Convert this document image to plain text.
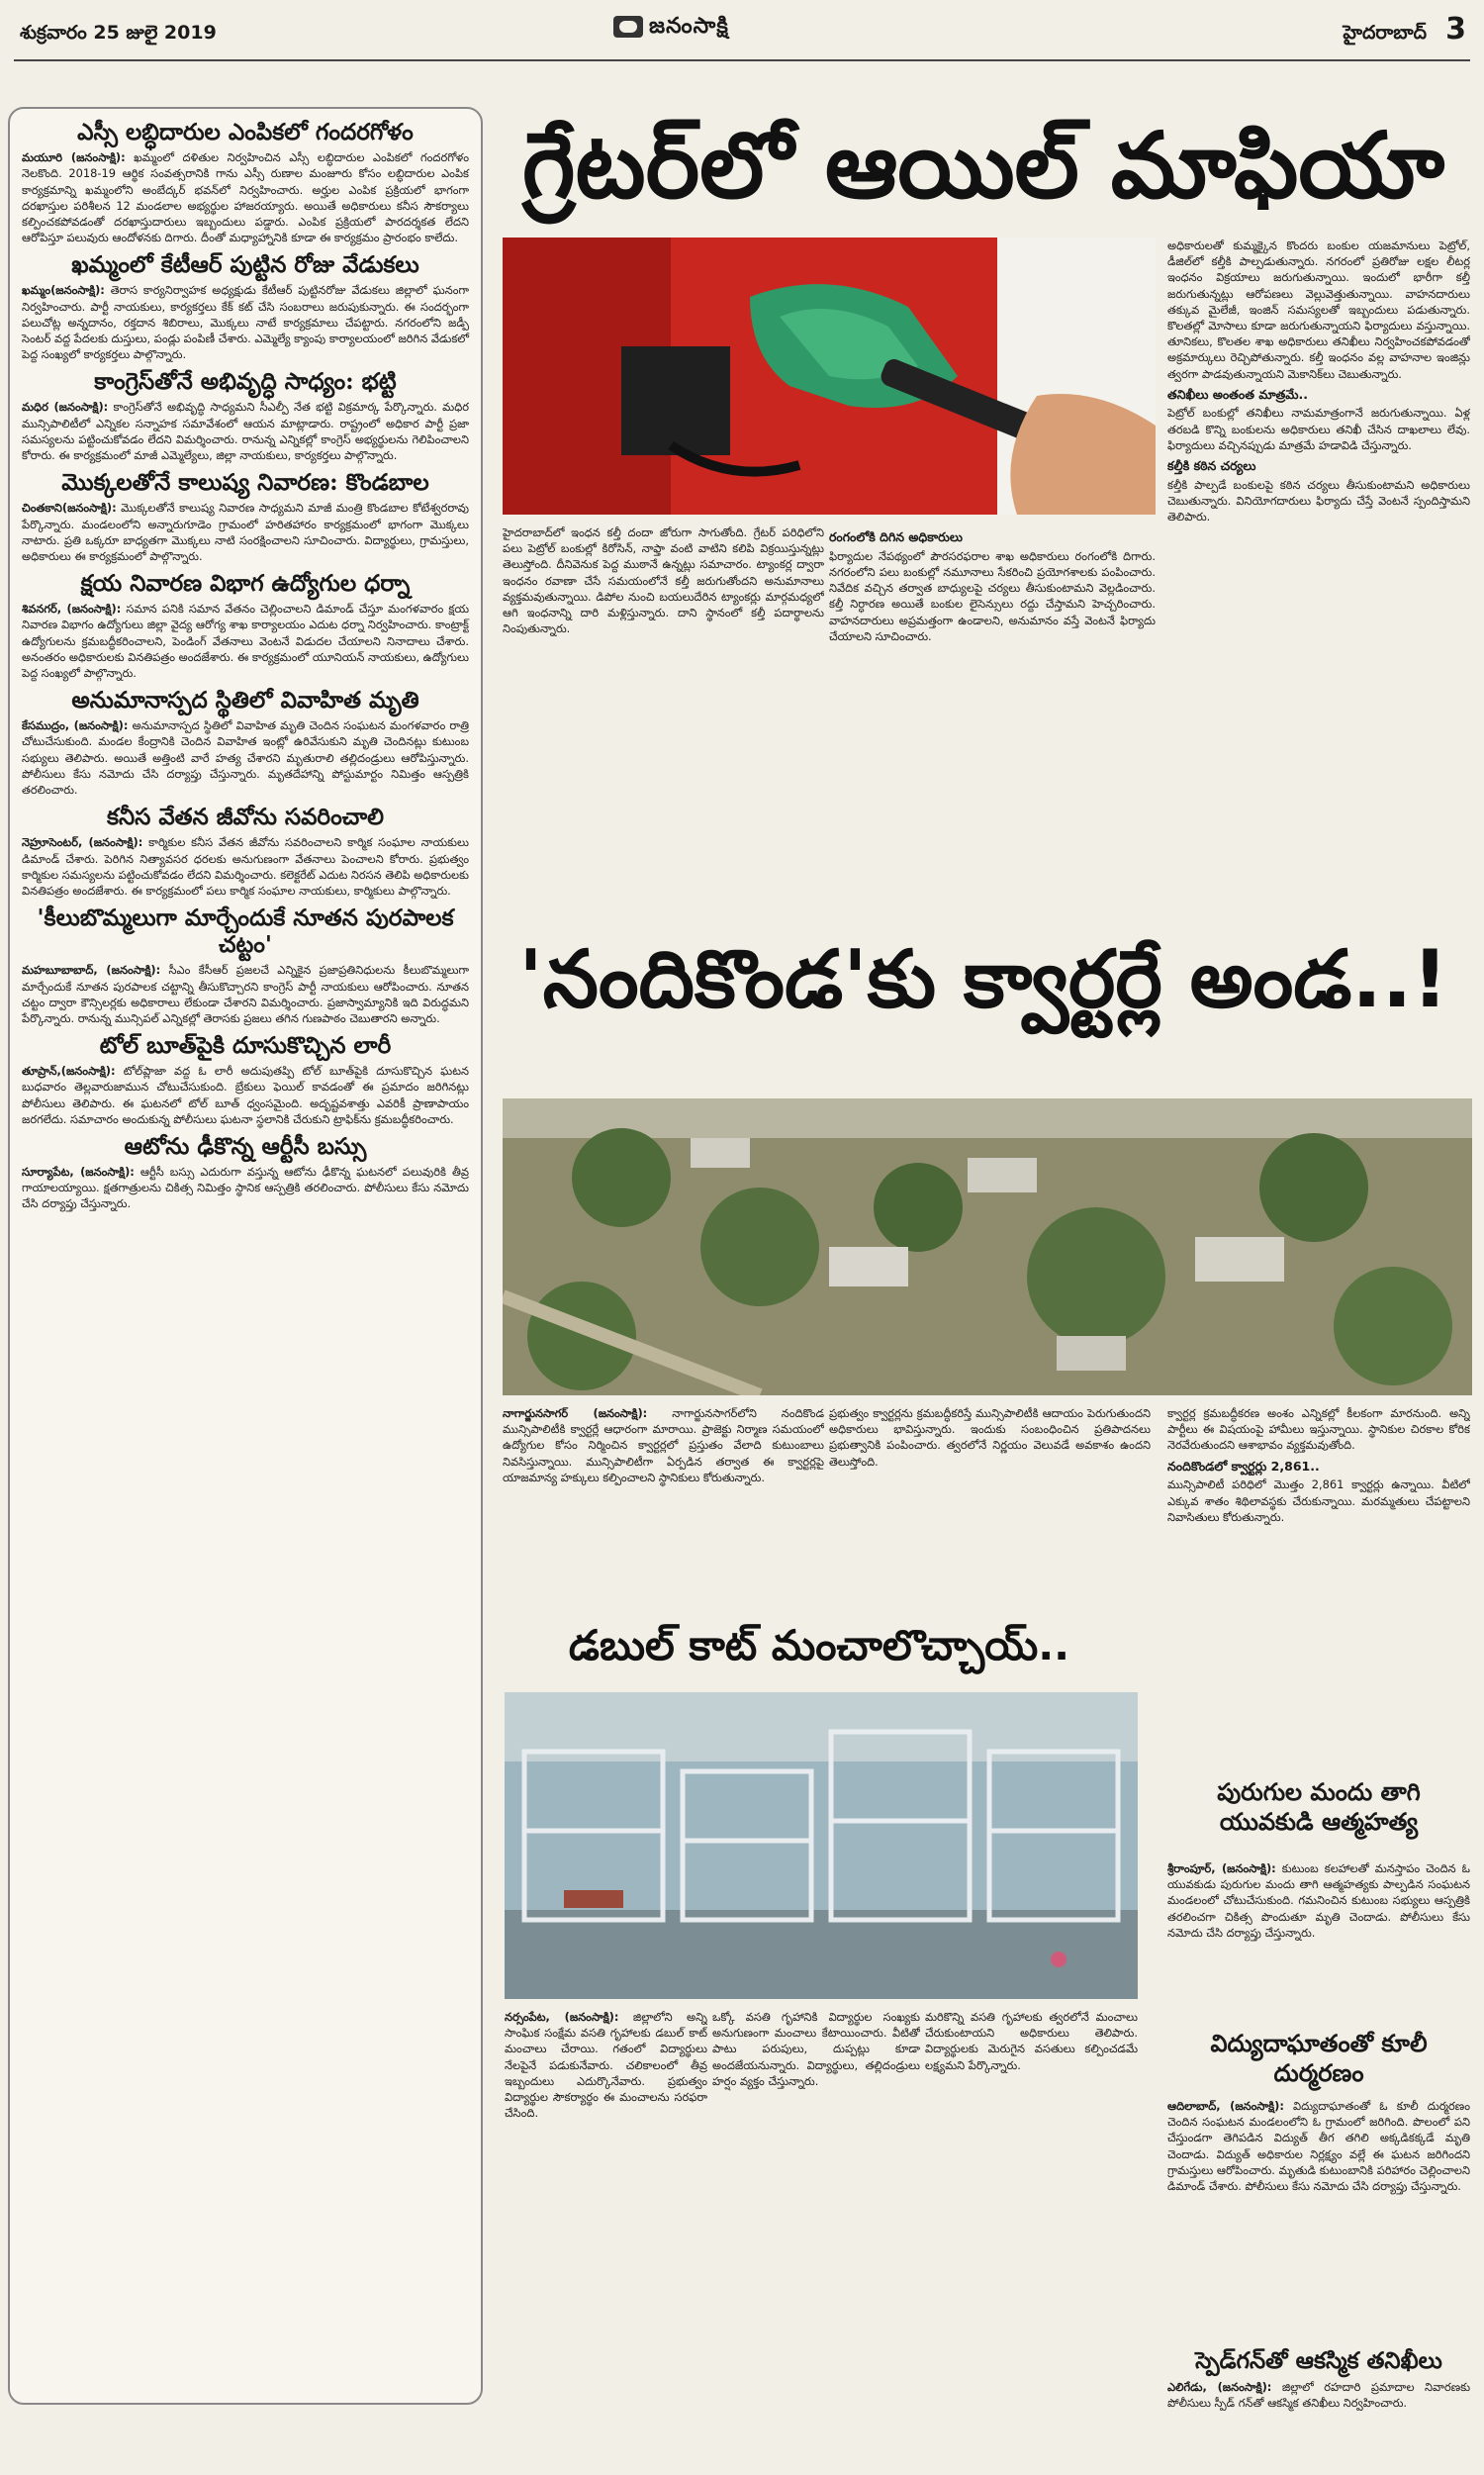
శుక్రవారం 25 జులై 2019	జనంసాక్షి	హైదరాబాద్ 3
ఎస్సీ లబ్ధిదారుల ఎంపికలో గందరగోళం

మయూరి (జనంసాక్షి): ఖమ్మంలో దళితుల నిర్వహించిన ఎస్సీ లబ్ధిదారుల ఎంపికలో గందరగోళం నెలకొంది. 2018-19 ఆర్థిక సంవత్సరానికి గాను ఎస్సీ రుణాల మంజూరు కోసం లబ్ధిదారుల ఎంపిక కార్యక్రమాన్ని ఖమ్మంలోని అంబేద్కర్ భవన్‌లో నిర్వహించారు. అర్హుల ఎంపిక ప్రక్రియలో భాగంగా దరఖాస్తుల పరిశీలన 12 మండలాల అభ్యర్థుల హాజరయ్యారు. అయితే అధికారులు కనీస సౌకర్యాలు కల్పించకపోవడంతో దరఖాస్తుదారులు ఇబ్బందులు పడ్డారు. ఎంపిక ప్రక్రియలో పారదర్శకత లేదని ఆరోపిస్తూ పలువురు ఆందోళనకు దిగారు. దీంతో మధ్యాహ్నానికి కూడా ఈ కార్యక్రమం ప్రారంభం కాలేదు.

ఖమ్మంలో కేటీఆర్ పుట్టిన రోజు వేడుకలు

ఖమ్మం(జనంసాక్షి): తెరాస కార్యనిర్వాహక అధ్యక్షుడు కేటీఆర్ పుట్టినరోజు వేడుకలు జిల్లాలో ఘనంగా నిర్వహించారు. పార్టీ నాయకులు, కార్యకర్తలు కేక్ కట్ చేసి సంబరాలు జరుపుకున్నారు. ఈ సందర్భంగా పలుచోట్ల అన్నదానం, రక్తదాన శిబిరాలు, మొక్కలు నాటే కార్యక్రమాలు చేపట్టారు. నగరంలోని జడ్పీ సెంటర్ వద్ద పేదలకు దుస్తులు, పండ్లు పంపిణీ చేశారు. ఎమ్మెల్యే క్యాంపు కార్యాలయంలో జరిగిన వేడుకలో పెద్ద సంఖ్యలో కార్యకర్తలు పాల్గొన్నారు.

కాంగ్రెస్‌తోనే అభివృద్ధి సాధ్యం: భట్టి

మధిర (జనంసాక్షి): కాంగ్రెస్‌తోనే అభివృద్ధి సాధ్యమని సీఎల్పీ నేత భట్టి విక్రమార్క పేర్కొన్నారు. మధిర మున్సిపాలిటీలో ఎన్నికల సన్నాహక సమావేశంలో ఆయన మాట్లాడారు. రాష్ట్రంలో అధికార పార్టీ ప్రజా సమస్యలను పట్టించుకోవడం లేదని విమర్శించారు. రానున్న ఎన్నికల్లో కాంగ్రెస్ అభ్యర్థులను గెలిపించాలని కోరారు. ఈ కార్యక్రమంలో మాజీ ఎమ్మెల్యేలు, జిల్లా నాయకులు, కార్యకర్తలు పాల్గొన్నారు.

మొక్కలతోనే కాలుష్య నివారణ: కొండబాల

చింతకాని(జనంసాక్షి): మొక్కలతోనే కాలుష్య నివారణ సాధ్యమని మాజీ మంత్రి కొండబాల కోటేశ్వరరావు పేర్కొన్నారు. మండలంలోని అన్నారుగూడెం గ్రామంలో హరితహారం కార్యక్రమంలో భాగంగా మొక్కలు నాటారు. ప్రతి ఒక్కరూ బాధ్యతగా మొక్కలు నాటి సంరక్షించాలని సూచించారు. విద్యార్థులు, గ్రామస్తులు, అధికారులు ఈ కార్యక్రమంలో పాల్గొన్నారు.

క్షయ నివారణ విభాగ ఉద్యోగుల ధర్నా

శివనగర్, (జనంసాక్షి): సమాన పనికి సమాన వేతనం చెల్లించాలని డిమాండ్ చేస్తూ మంగళవారం క్షయ నివారణ విభాగం ఉద్యోగులు జిల్లా వైద్య ఆరోగ్య శాఖ కార్యాలయం ఎదుట ధర్నా నిర్వహించారు. కాంట్రాక్ట్ ఉద్యోగులను క్రమబద్ధీకరించాలని, పెండింగ్ వేతనాలు వెంటనే విడుదల చేయాలని నినాదాలు చేశారు. అనంతరం అధికారులకు వినతిపత్రం అందజేశారు. ఈ కార్యక్రమంలో యూనియన్ నాయకులు, ఉద్యోగులు పెద్ద సంఖ్యలో పాల్గొన్నారు.

అనుమానాస్పద స్థితిలో వివాహిత మృతి

కేసముద్రం, (జనంసాక్షి): అనుమానాస్పద స్థితిలో వివాహిత మృతి చెందిన సంఘటన మంగళవారం రాత్రి చోటుచేసుకుంది. మండల కేంద్రానికి చెందిన వివాహిత ఇంట్లో ఉరివేసుకుని మృతి చెందినట్లు కుటుంబ సభ్యులు తెలిపారు. అయితే అత్తింటి వారే హత్య చేశారని మృతురాలి తల్లిదండ్రులు ఆరోపిస్తున్నారు. పోలీసులు కేసు నమోదు చేసి దర్యాప్తు చేస్తున్నారు. మృతదేహాన్ని పోస్టుమార్టం నిమిత్తం ఆస్పత్రికి తరలించారు.

కనీస వేతన జీవోను సవరించాలి

నెహ్రూసెంటర్, (జనంసాక్షి): కార్మికుల కనీస వేతన జీవోను సవరించాలని కార్మిక సంఘాల నాయకులు డిమాండ్ చేశారు. పెరిగిన నిత్యావసర ధరలకు అనుగుణంగా వేతనాలు పెంచాలని కోరారు. ప్రభుత్వం కార్మికుల సమస్యలను పట్టించుకోవడం లేదని విమర్శించారు. కలెక్టరేట్ ఎదుట నిరసన తెలిపి అధికారులకు వినతిపత్రం అందజేశారు. ఈ కార్యక్రమంలో పలు కార్మిక సంఘాల నాయకులు, కార్మికులు పాల్గొన్నారు.

'కీలుబొమ్మలుగా మార్చేందుకే నూతన పురపాలక చట్టం'

మహబూబాబాద్, (జనంసాక్షి): సీఎం కేసీఆర్ ప్రజలచే ఎన్నికైన ప్రజాప్రతినిధులను కీలుబొమ్మలుగా మార్చేందుకే నూతన పురపాలక చట్టాన్ని తీసుకొచ్చారని కాంగ్రెస్ పార్టీ నాయకులు ఆరోపించారు. నూతన చట్టం ద్వారా కౌన్సిలర్లకు అధికారాలు లేకుండా చేశారని విమర్శించారు. ప్రజాస్వామ్యానికి ఇది విరుద్ధమని పేర్కొన్నారు. రానున్న మున్సిపల్ ఎన్నికల్లో తెరాసకు ప్రజలు తగిన గుణపాఠం చెబుతారని అన్నారు.

టోల్ బూత్‌పైకి దూసుకొచ్చిన లారీ

తూప్రాన్,(జనంసాక్షి): టోల్‌ప్లాజా వద్ద ఓ లారీ అదుపుతప్పి టోల్ బూత్‌పైకి దూసుకొచ్చిన ఘటన బుధవారం తెల్లవారుజామున చోటుచేసుకుంది. బ్రేకులు ఫెయిల్ కావడంతో ఈ ప్రమాదం జరిగినట్లు పోలీసులు తెలిపారు. ఈ ఘటనలో టోల్ బూత్ ధ్వంసమైంది. అదృష్టవశాత్తు ఎవరికీ ప్రాణాపాయం జరగలేదు. సమాచారం అందుకున్న పోలీసులు ఘటనా స్థలానికి చేరుకుని ట్రాఫిక్‌ను క్రమబద్ధీకరించారు.

ఆటోను ఢీకొన్న ఆర్టీసీ బస్సు

సూర్యాపేట, (జనంసాక్షి): ఆర్టీసీ బస్సు ఎదురుగా వస్తున్న ఆటోను ఢీకొన్న ఘటనలో పలువురికి తీవ్ర గాయాలయ్యాయి. క్షతగాత్రులను చికిత్స నిమిత్తం స్థానిక ఆస్పత్రికి తరలించారు. పోలీసులు కేసు నమోదు చేసి దర్యాప్తు చేస్తున్నారు.

గ్రేటర్‌లో ఆయిల్ మాఫియా

అధికారులతో కుమ్మక్కైన కొందరు బంకుల యజమానులు పెట్రోల్, డీజిల్‌లో కల్తీకి పాల్పడుతున్నారు. నగరంలో ప్రతిరోజు లక్షల లీటర్ల ఇంధనం విక్రయాలు జరుగుతున్నాయి. ఇందులో భారీగా కల్తీ జరుగుతున్నట్లు ఆరోపణలు వెల్లువెత్తుతున్నాయి. వాహనదారులు తక్కువ మైలేజీ, ఇంజిన్ సమస్యలతో ఇబ్బందులు పడుతున్నారు. కొలతల్లో మోసాలు కూడా జరుగుతున్నాయని ఫిర్యాదులు వస్తున్నాయి. తూనికలు, కొలతల శాఖ అధికారులు తనిఖీలు నిర్వహించకపోవడంతో అక్రమార్కులు రెచ్చిపోతున్నారు. కల్తీ ఇంధనం వల్ల వాహనాల ఇంజిన్లు త్వరగా పాడవుతున్నాయని మెకానిక్‌లు చెబుతున్నారు.

తనిఖీలు అంతంత మాత్రమే..

పెట్రోల్ బంకుల్లో తనిఖీలు నామమాత్రంగానే జరుగుతున్నాయి. ఏళ్ల తరబడి కొన్ని బంకులను అధికారులు తనిఖీ చేసిన దాఖలాలు లేవు. ఫిర్యాదులు వచ్చినప్పుడు మాత్రమే హడావిడి చేస్తున్నారు.

కల్తీకి కఠిన చర్యలు

కల్తీకి పాల్పడే బంకులపై కఠిన చర్యలు తీసుకుంటామని అధికారులు చెబుతున్నారు. వినియోగదారులు ఫిర్యాదు చేస్తే వెంటనే స్పందిస్తామని తెలిపారు.

హైదరాబాద్‌లో ఇంధన కల్తీ దందా జోరుగా సాగుతోంది. గ్రేటర్ పరిధిలోని పలు పెట్రోల్ బంకుల్లో కిరోసిన్, నాఫ్తా వంటి వాటిని కలిపి విక్రయిస్తున్నట్లు తెలుస్తోంది. దీనివెనుక పెద్ద ముఠానే ఉన్నట్లు సమాచారం. ట్యాంకర్ల ద్వారా ఇంధనం రవాణా చేసే సమయంలోనే కల్తీ జరుగుతోందని అనుమానాలు వ్యక్తమవుతున్నాయి. డిపోల నుంచి బయలుదేరిన ట్యాంకర్లు మార్గమధ్యలో ఆగి ఇంధనాన్ని దారి మళ్లిస్తున్నారు. దాని స్థానంలో కల్తీ పదార్థాలను నింపుతున్నారు.

రంగంలోకి దిగిన అధికారులు

ఫిర్యాదుల నేపథ్యంలో పౌరసరఫరాల శాఖ అధికారులు రంగంలోకి దిగారు. నగరంలోని పలు బంకుల్లో నమూనాలు సేకరించి ప్రయోగశాలకు పంపించారు. నివేదిక వచ్చిన తర్వాత బాధ్యులపై చర్యలు తీసుకుంటామని వెల్లడించారు. కల్తీ నిర్ధారణ అయితే బంకుల లైసెన్సులు రద్దు చేస్తామని హెచ్చరించారు. వాహనదారులు అప్రమత్తంగా ఉండాలని, అనుమానం వస్తే వెంటనే ఫిర్యాదు చేయాలని సూచించారు.

'నందికొండ'కు క్వార్టర్లే అండ..!

నాగార్జునసాగర్ (జనంసాక్షి): నాగార్జునసాగర్‌లోని నందికొండ మున్సిపాలిటీకి క్వార్టర్లే ఆధారంగా మారాయి. ప్రాజెక్టు నిర్మాణ సమయంలో ఉద్యోగుల కోసం నిర్మించిన క్వార్టర్లలో ప్రస్తుతం వేలాది కుటుంబాలు నివసిస్తున్నాయి. మున్సిపాలిటీగా ఏర్పడిన తర్వాత ఈ క్వార్టర్లపై యాజమాన్య హక్కులు కల్పించాలని స్థానికులు కోరుతున్నారు.

ప్రభుత్వం క్వార్టర్లను క్రమబద్ధీకరిస్తే మున్సిపాలిటీకి ఆదాయం పెరుగుతుందని అధికారులు భావిస్తున్నారు. ఇందుకు సంబంధించిన ప్రతిపాదనలు ప్రభుత్వానికి పంపించారు. త్వరలోనే నిర్ణయం వెలువడే అవకాశం ఉందని తెలుస్తోంది.

క్వార్టర్ల క్రమబద్ధీకరణ అంశం ఎన్నికల్లో కీలకంగా మారనుంది. అన్ని పార్టీలు ఈ విషయంపై హామీలు ఇస్తున్నాయి. స్థానికుల చిరకాల కోరిక నెరవేరుతుందని ఆశాభావం వ్యక్తమవుతోంది.

నందికొండలో క్వార్టర్లు 2,861..

మున్సిపాలిటీ పరిధిలో మొత్తం 2,861 క్వార్టర్లు ఉన్నాయి. వీటిలో ఎక్కువ శాతం శిథిలావస్థకు చేరుకున్నాయి. మరమ్మతులు చేపట్టాలని నివాసితులు కోరుతున్నారు.

పురుగుల మందు తాగి యువకుడి ఆత్మహత్య
శ్రీరాంపూర్, (జనంసాక్షి): కుటుంబ కలహాలతో మనస్తాపం చెందిన ఓ యువకుడు పురుగుల మందు తాగి ఆత్మహత్యకు పాల్పడిన సంఘటన మండలంలో చోటుచేసుకుంది. గమనించిన కుటుంబ సభ్యులు ఆస్పత్రికి తరలించగా చికిత్స పొందుతూ మృతి చెందాడు. పోలీసులు కేసు నమోదు చేసి దర్యాప్తు చేస్తున్నారు.
విద్యుదాఘాతంతో కూలీ దుర్మరణం
ఆదిలాబాద్, (జనంసాక్షి): విద్యుదాఘాతంతో ఓ కూలీ దుర్మరణం చెందిన సంఘటన మండలంలోని ఓ గ్రామంలో జరిగింది. పొలంలో పని చేస్తుండగా తెగిపడిన విద్యుత్ తీగ తగిలి అక్కడికక్కడే మృతి చెందాడు. విద్యుత్ అధికారుల నిర్లక్ష్యం వల్లే ఈ ఘటన జరిగిందని గ్రామస్తులు ఆరోపించారు. మృతుడి కుటుంబానికి పరిహారం చెల్లించాలని డిమాండ్ చేశారు. పోలీసులు కేసు నమోదు చేసి దర్యాప్తు చేస్తున్నారు.
స్పెడ్‌గన్‌తో ఆకస్మిక తనిఖీలు
ఎలిగేడు, (జనంసాక్షి): జిల్లాలో రహదారి ప్రమాదాల నివారణకు పోలీసులు స్పీడ్ గన్‌తో ఆకస్మిక తనిఖీలు నిర్వహించారు.
డబుల్ కాట్ మంచాలొచ్చాయ్..

నర్సంపేట, (జనంసాక్షి): జిల్లాలోని అన్ని సాంఘిక సంక్షేమ వసతి గృహాలకు డబుల్ కాట్ మంచాలు చేరాయి. గతంలో విద్యార్థులు నేలపైనే పడుకునేవారు. చలికాలంలో తీవ్ర ఇబ్బందులు ఎదుర్కొనేవారు. ప్రభుత్వం విద్యార్థుల సౌకర్యార్థం ఈ మంచాలను సరఫరా చేసింది.

ఒక్కో వసతి గృహానికి విద్యార్థుల సంఖ్యకు అనుగుణంగా మంచాలు కేటాయించారు. వీటితో పాటు పరుపులు, దుప్పట్లు కూడా అందజేయనున్నారు. విద్యార్థులు, తల్లిదండ్రులు హర్షం వ్యక్తం చేస్తున్నారు.

మరికొన్ని వసతి గృహాలకు త్వరలోనే మంచాలు చేరుకుంటాయని అధికారులు తెలిపారు. విద్యార్థులకు మెరుగైన వసతులు కల్పించడమే లక్ష్యమని పేర్కొన్నారు.
